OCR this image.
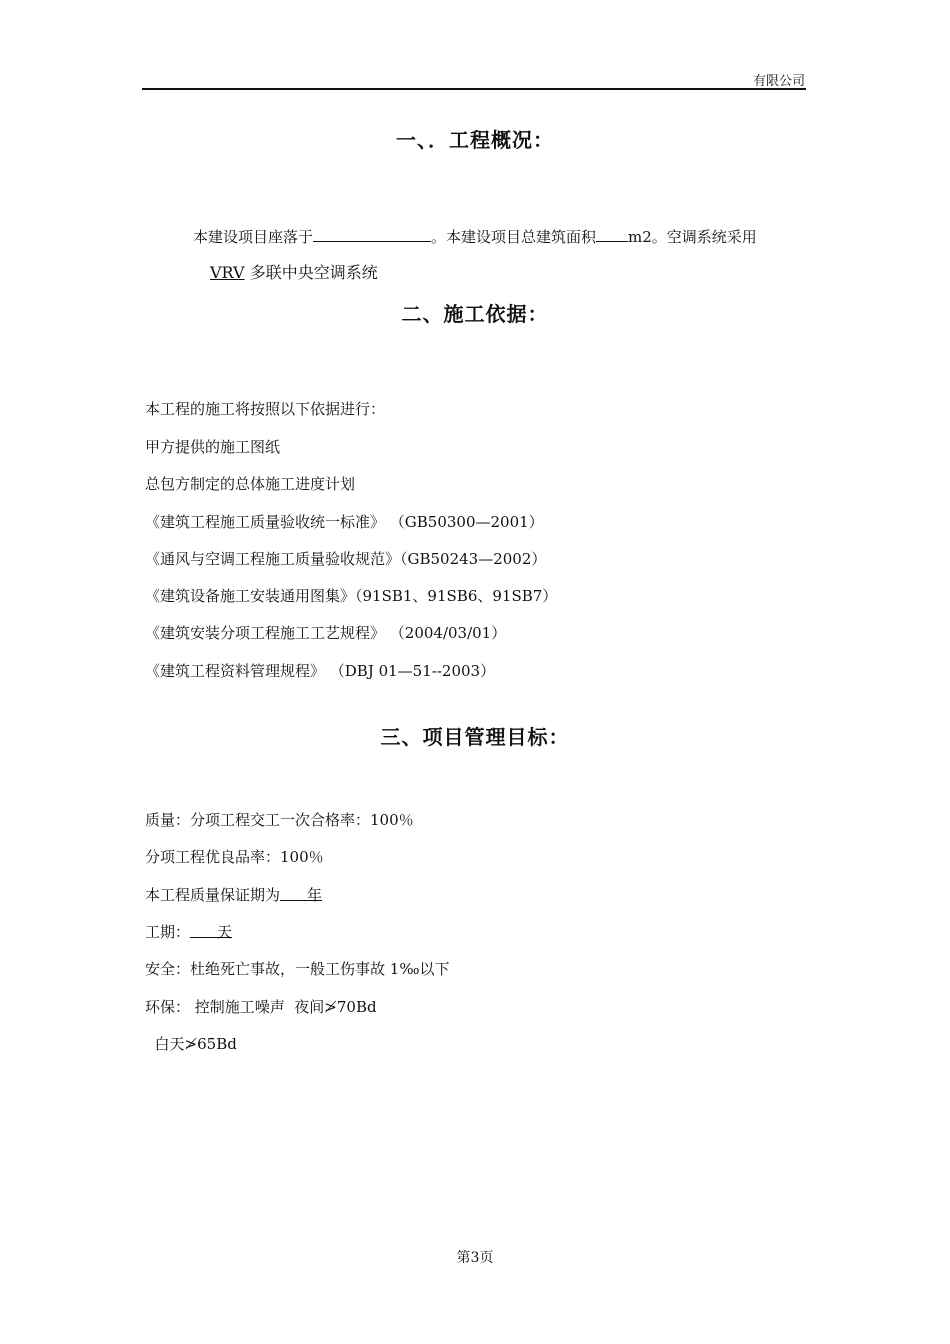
有限公司
一、．工程概况：
本建设项目座落于	。本建设项目总建筑面积 m2。空调系统采用
VRV 多联中央空调系统
二、施工依据：
本工程的施工将按照以下依据进行：
甲方提供的施工图纸
总包方制定的总体施工进度计划
《建筑工程施工质量验收统一标准》 （GB50300—2001）
《通风与空调工程施工质量验收规范》（GB50243—2002）
《建筑设备施工安装通用图集》（91SB1、91SB6、91SB7）
《建筑安装分项工程施工工艺规程》 （2004/03/01）
《建筑工程资料管理规程》 （DBJ 01—51--2003）
三、项目管理目标：
质量：分项工程交工一次合格率：100％
分项工程优良品率：100％
本工程质量保证期为 年
工期： 天
安全：杜绝死亡事故，一般工伤事故 1‰以下
环保： 控制施工噪声  夜间≯70Bd
白天≯65Bd
第3页
